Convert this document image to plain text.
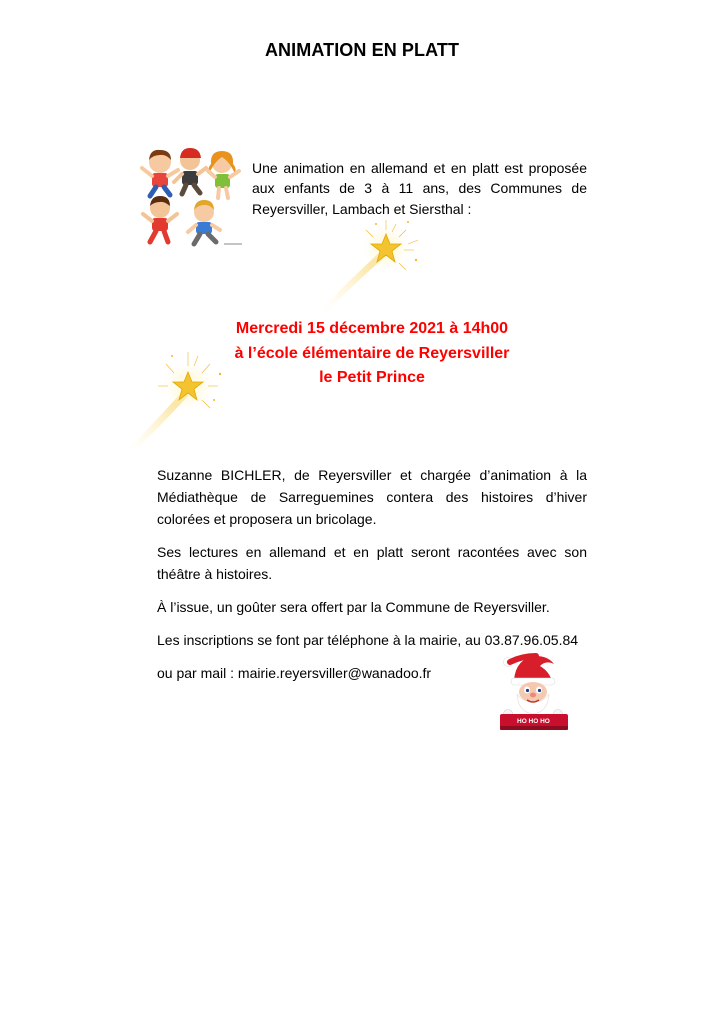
ANIMATION EN PLATT
Une animation en allemand et en platt est proposée aux enfants de 3 à 11 ans, des Communes de Reyersviller, Lambach et Siersthal :
Mercredi 15 décembre 2021 à 14h00
à l’école élémentaire de Reyersviller
le Petit Prince

Suzanne BICHLER, de Reyersviller et chargée d’animation à la Médiathèque de Sarreguemines contera des histoires d’hiver colorées et proposera un bricolage.

Ses lectures en allemand et en platt seront racontées avec son théâtre à histoires.

À l’issue, un goûter sera offert par la Commune de Reyersviller.

Les inscriptions se font par téléphone à la mairie, au 03.87.96.05.84

ou par mail : mairie.reyersviller@wanadoo.fr

HO HO HO
